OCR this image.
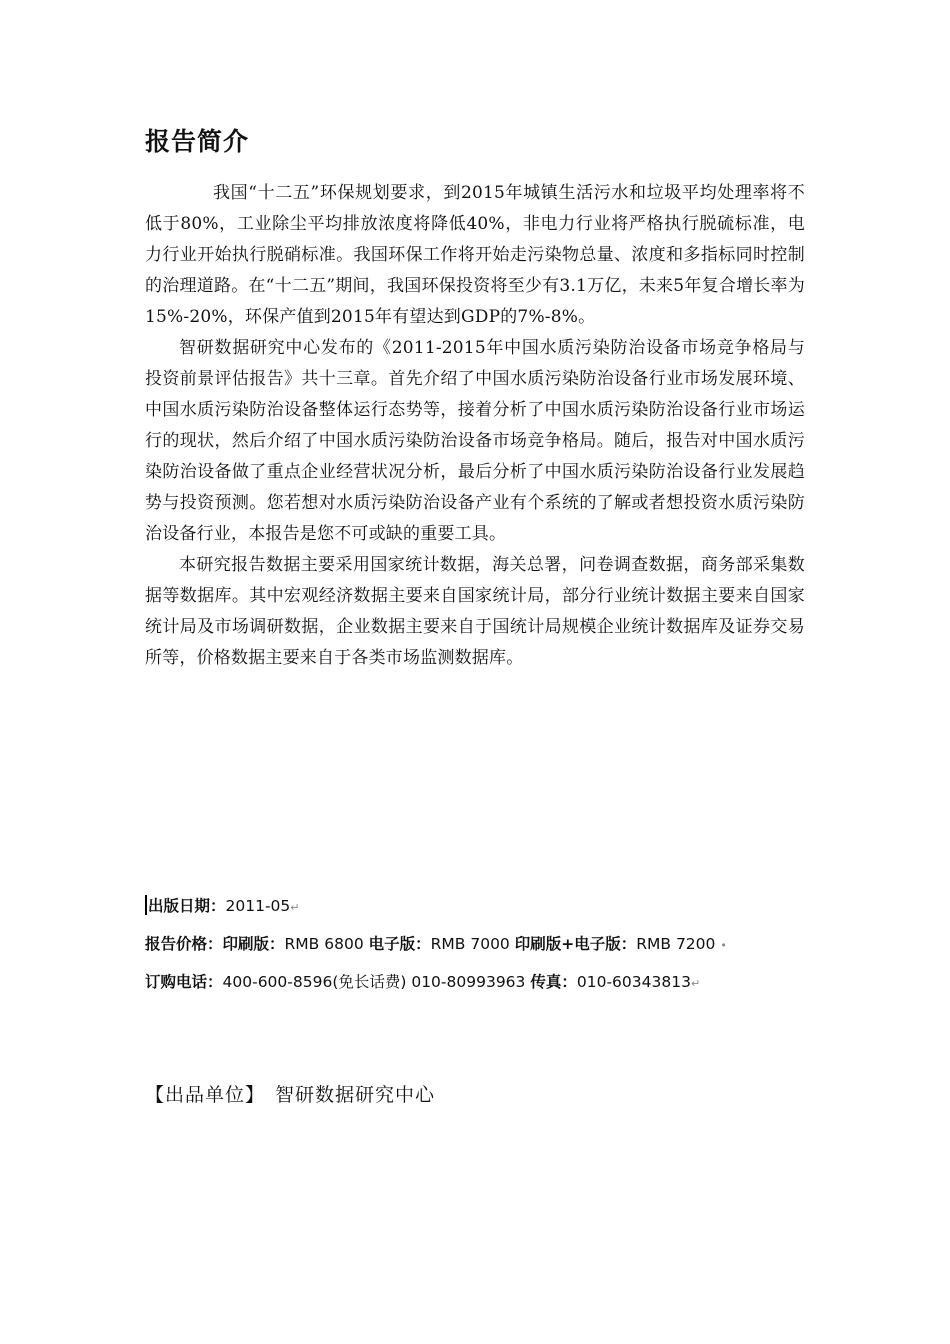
报告简介

我国“十二五”环保规划要求，到2015年城镇生活污水和垃圾平均处理率将不低于80%，工业除尘平均排放浓度将降低40%，非电力行业将严格执行脱硫标准，电力行业开始执行脱硝标准。我国环保工作将开始走污染物总量、浓度和多指标同时控制的治理道路。在“十二五”期间，我国环保投资将至少有3.1万亿，未来5年复合增长率为15%-20%，环保产值到2015年有望达到GDP的7%-8%。

智研数据研究中心发布的《2011-2015年中国水质污染防治设备市场竞争格局与投资前景评估报告》共十三章。首先介绍了中国水质污染防治设备行业市场发展环境、中国水质污染防治设备整体运行态势等，接着分析了中国水质污染防治设备行业市场运行的现状，然后介绍了中国水质污染防治设备市场竞争格局。随后，报告对中国水质污染防治设备做了重点企业经营状况分析，最后分析了中国水质污染防治设备行业发展趋势与投资预测。您若想对水质污染防治设备产业有个系统的了解或者想投资水质污染防治设备行业，本报告是您不可或缺的重要工具。

本研究报告数据主要采用国家统计数据，海关总署，问卷调查数据，商务部采集数据等数据库。其中宏观经济数据主要来自国家统计局，部分行业统计数据主要来自国家统计局及市场调研数据，企业数据主要来自于国统计局规模企业统计数据库及证券交易所等，价格数据主要来自于各类市场监测数据库。

出版日期：2011-05↵
报告价格：印刷版：RMB 6800 电子版：RMB 7000 印刷版+电子版：RMB 7200 •
订购电话：400-600-8596(免长话费) 010-80993963 传真：010-60343813↵
【出品单位】 智研数据研究中心
